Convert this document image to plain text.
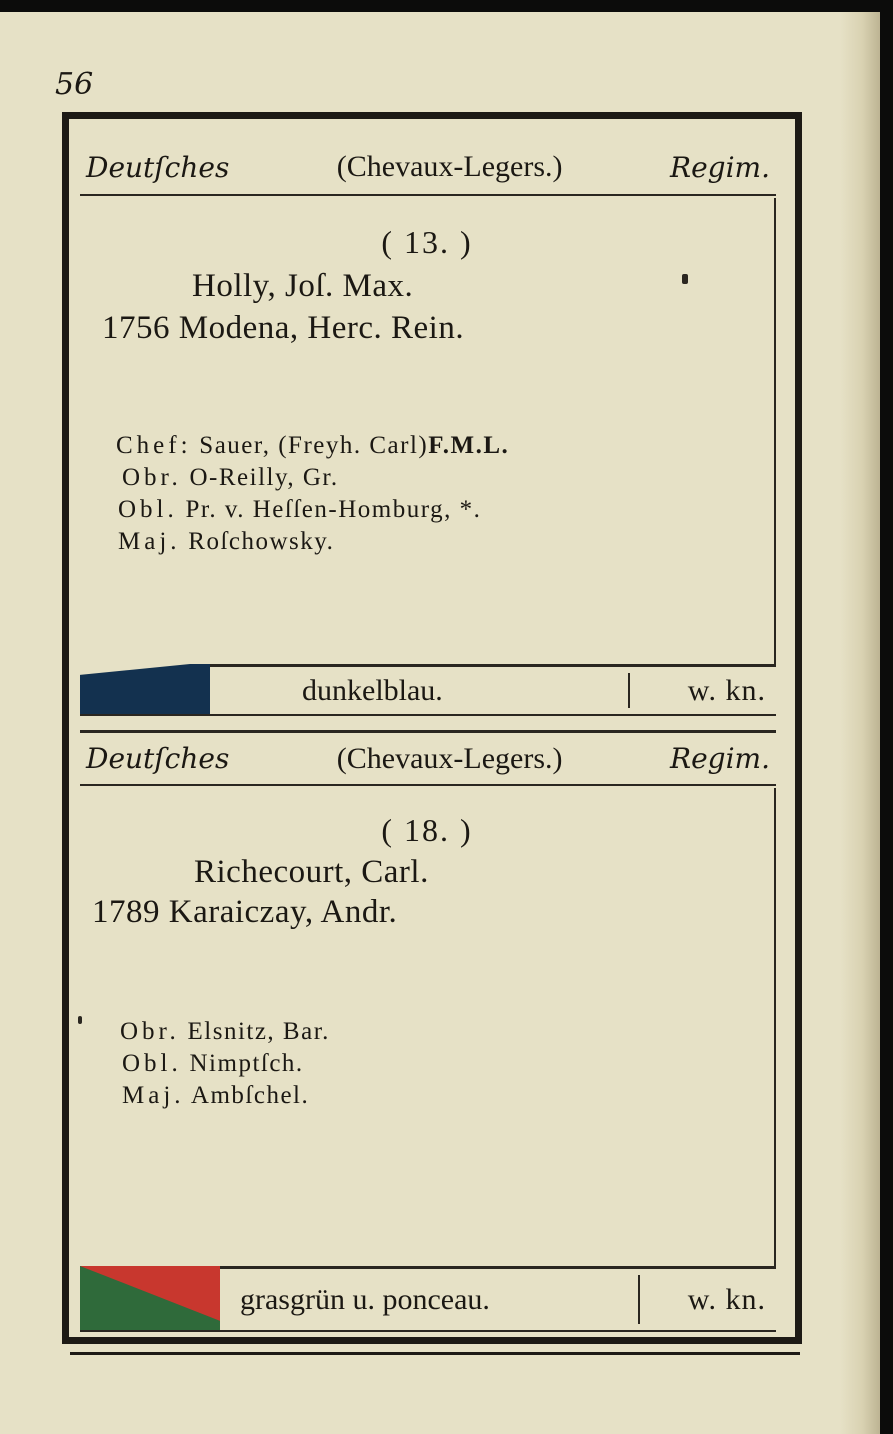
56
Deutſches	(Chevaux-Legers.)	Regim.
( 13. )
Holly, Joſ. Max.
1756 Modena, Herc. Rein.
Chef: Sauer, (Freyh. Carl)F.M.L.
Obr. O-Reilly, Gr.
Obl. Pr. v. Heſſen-Homburg, *.
Maj. Roſchowsky.
dunkelblau.	w. kn.
Deutſches	(Chevaux-Legers.)	Regim.
( 18. )
Richecourt, Carl.
1789 Karaiczay, Andr.
Obr. Elsnitz, Bar.
Obl. Nimptſch.
Maj. Ambſchel.
grasgrün u. ponceau.	w. kn.
